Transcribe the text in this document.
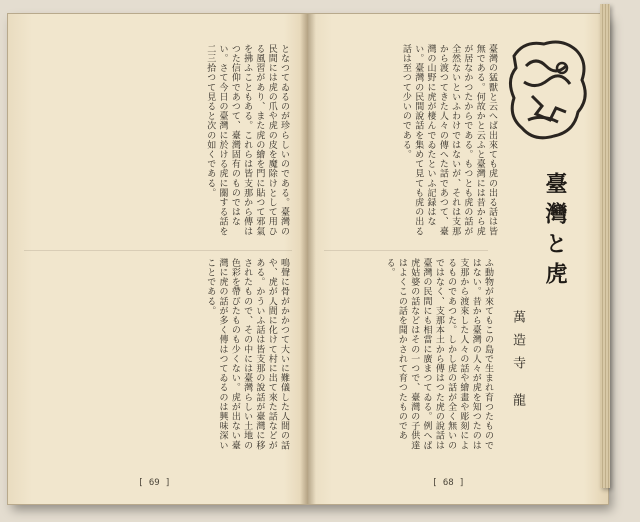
となつてゐるのが珍らしいのである。臺灣の民間には虎の爪や虎の皮を魔除けとして用ひる風習があり、また虎の繪を門に貼つて邪氣を拂ふこともある。これらは皆支那から傳はつた信仰であつて、臺灣固有のものではない。さて今日の臺灣に於ける虎に關する話を二三拾つて見ると次の如くである。
鳴聲に骨がかかつて大いに難儀した人間の話や、虎が人間に化けて村に出て來た話などがある。かういふ話は皆支那の說話が臺灣に移されたもので、その中には臺灣らしい土地の色彩を帶びたものも少くない。虎が出ない臺灣に虎の話が多く傳はつてゐるのは興味深いことである。
[ 69 ]
臺灣の猛獸と云へば出來ても虎の出る話は皆無である。何故かと云ふと臺灣には昔から虎が居なかつたからである。もつとも虎の話が全然ないといふわけではないが、それは支那から渡つてきた人々の傳へた話であつて、臺灣の山野に虎が棲んでゐたといふ記録はない。臺灣の民間說話を集めて見ても虎の出る話は至つて少いのである。
臺灣と虎
萬造寺 龍
ふ動物が來てもこの島で生まれ育つたものではない。昔から臺灣の人々が虎を知つたのは支那から渡來した人々の話や繪畫や彫刻によるものであつた。しかし虎の話が全く無いのではなく、支那本土から傳はつた虎の說話は臺灣の民間にも相當に廣まつてゐる。例へば虎姑婆の話などはその一つで、臺灣の子供達はよくこの話を聞かされて育つたものである。
[ 68 ]
